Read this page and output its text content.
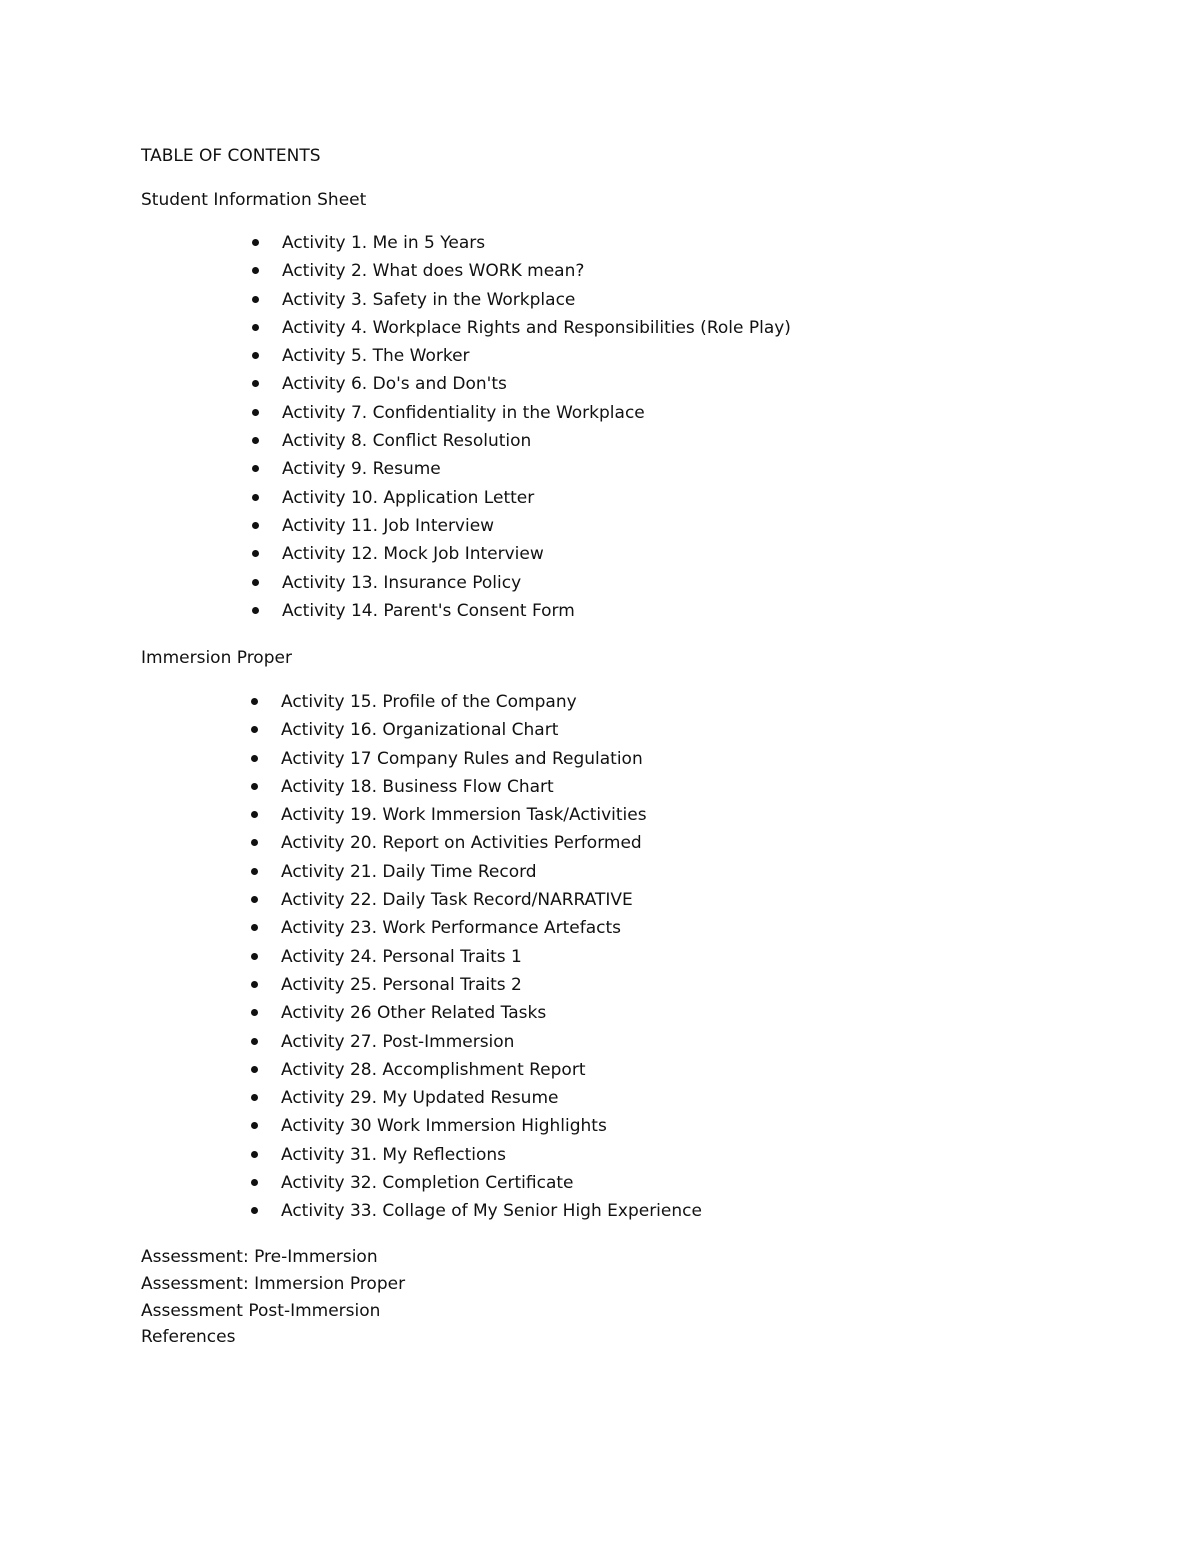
TABLE OF CONTENTS
Student Information Sheet
Activity 1. Me in 5 Years
Activity 2. What does WORK mean?
Activity 3. Safety in the Workplace
Activity 4. Workplace Rights and Responsibilities (Role Play)
Activity 5. The Worker
Activity 6. Do's and Don'ts
Activity 7. Confidentiality in the Workplace
Activity 8. Conflict Resolution
Activity 9. Resume
Activity 10. Application Letter
Activity 11. Job Interview
Activity 12. Mock Job Interview
Activity 13. Insurance Policy
Activity 14. Parent's Consent Form
Immersion Proper
Activity 15. Profile of the Company
Activity 16. Organizational Chart
Activity 17 Company Rules and Regulation
Activity 18. Business Flow Chart
Activity 19. Work Immersion Task/Activities
Activity 20. Report on Activities Performed
Activity 21. Daily Time Record
Activity 22. Daily Task Record/NARRATIVE
Activity 23. Work Performance Artefacts
Activity 24. Personal Traits 1
Activity 25. Personal Traits 2
Activity 26 Other Related Tasks
Activity 27. Post-Immersion
Activity 28. Accomplishment Report
Activity 29. My Updated Resume
Activity 30 Work Immersion Highlights
Activity 31. My Reflections
Activity 32. Completion Certificate
Activity 33. Collage of My Senior High Experience
Assessment: Pre-Immersion
Assessment: Immersion Proper
Assessment Post-Immersion
References
